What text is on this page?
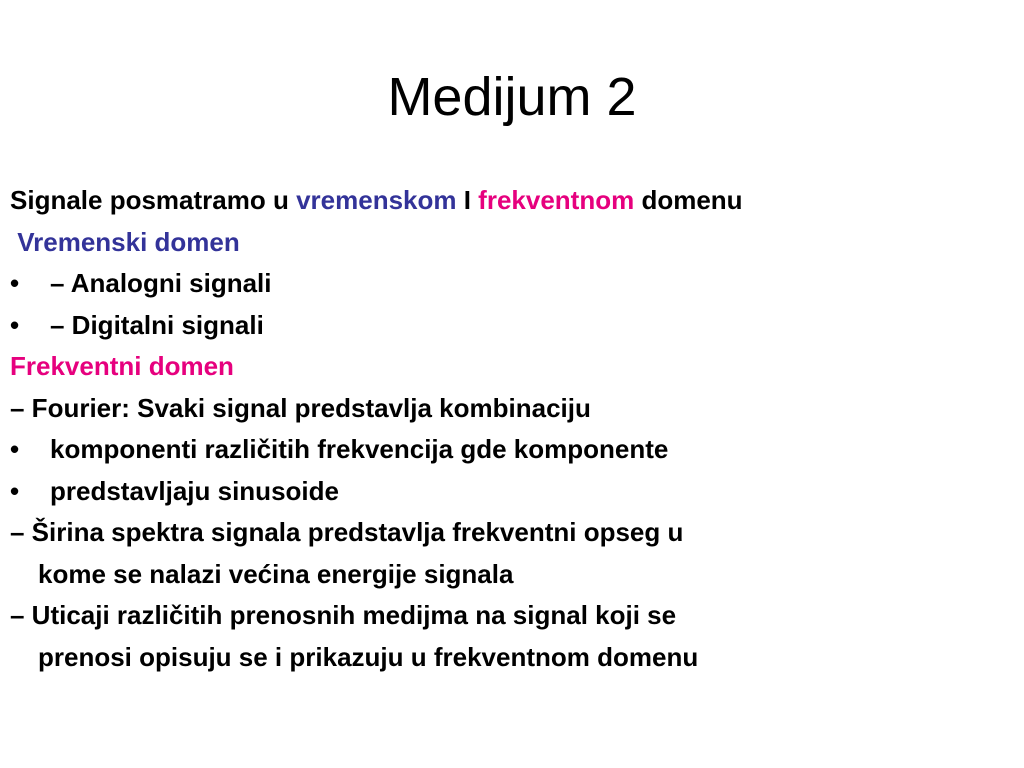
Medijum 2
Signale posmatramo u vremenskom I frekventnom domenu
Vremenski domen
• – Analogni signali
• – Digitalni signali
Frekventni domen
– Fourier: Svaki signal predstavlja kombinaciju
• komponenti različitih frekvencija gde komponente
• predstavljaju sinusoide
– Širina spektra signala predstavlja frekventni opseg u
kome se nalazi većina energije signala
– Uticaji različitih prenosnih medijma na signal koji se
prenosi opisuju se i prikazuju u frekventnom domenu
